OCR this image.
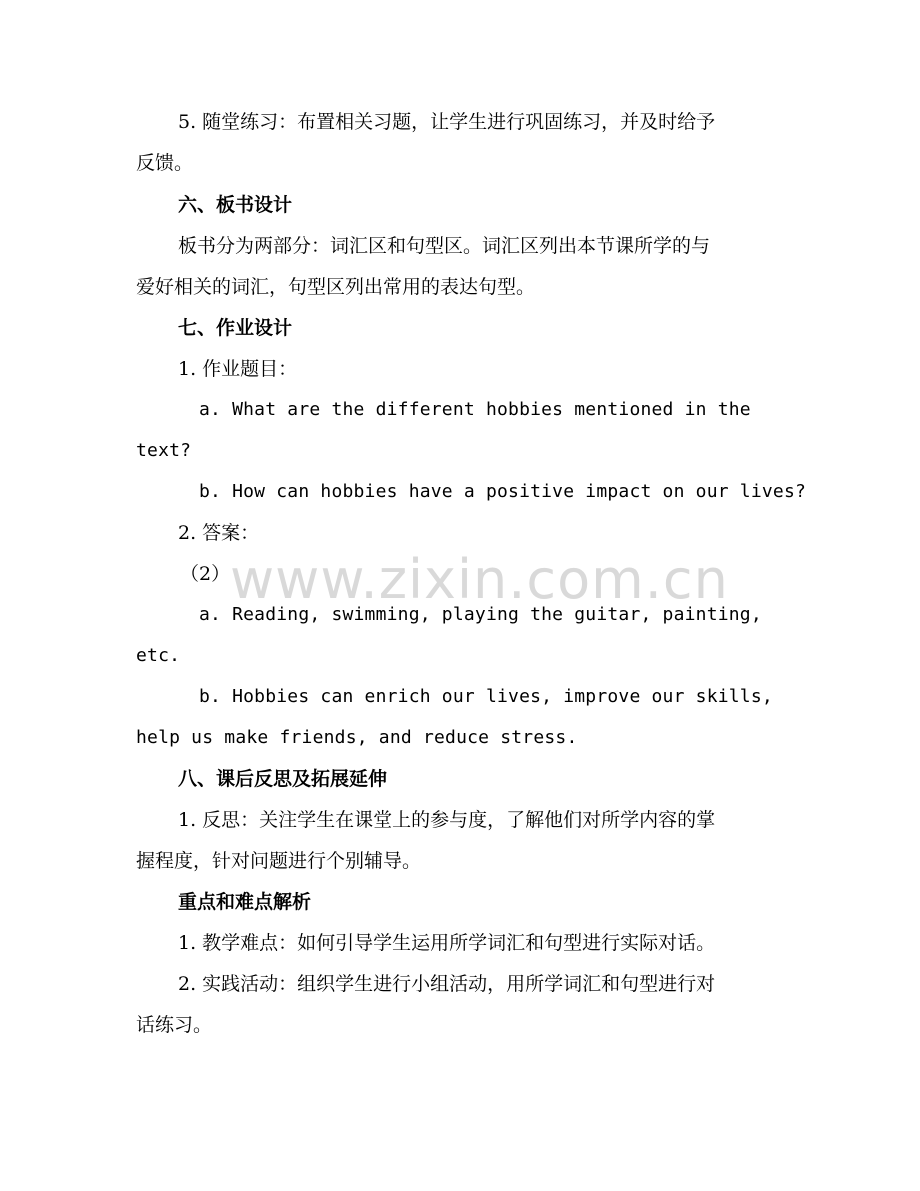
5. 随堂练习：布置相关习题，让学生进行巩固练习，并及时给予
反馈。
六、板书设计
板书分为两部分：词汇区和句型区。词汇区列出本节课所学的与
爱好相关的词汇，句型区列出常用的表达句型。
七、作业设计
1. 作业题目：
a. What are the different hobbies mentioned in the
text?
b. How can hobbies have a positive impact on our lives?
2. 答案：
（2）
a. Reading, swimming, playing the guitar, painting,
etc.
b. Hobbies can enrich our lives, improve our skills,
help us make friends, and reduce stress.
八、课后反思及拓展延伸
1. 反思：关注学生在课堂上的参与度，了解他们对所学内容的掌
握程度，针对问题进行个别辅导。
重点和难点解析
1. 教学难点：如何引导学生运用所学词汇和句型进行实际对话。
2. 实践活动：组织学生进行小组活动，用所学词汇和句型进行对
话练习。
www.zixin.com.cn
